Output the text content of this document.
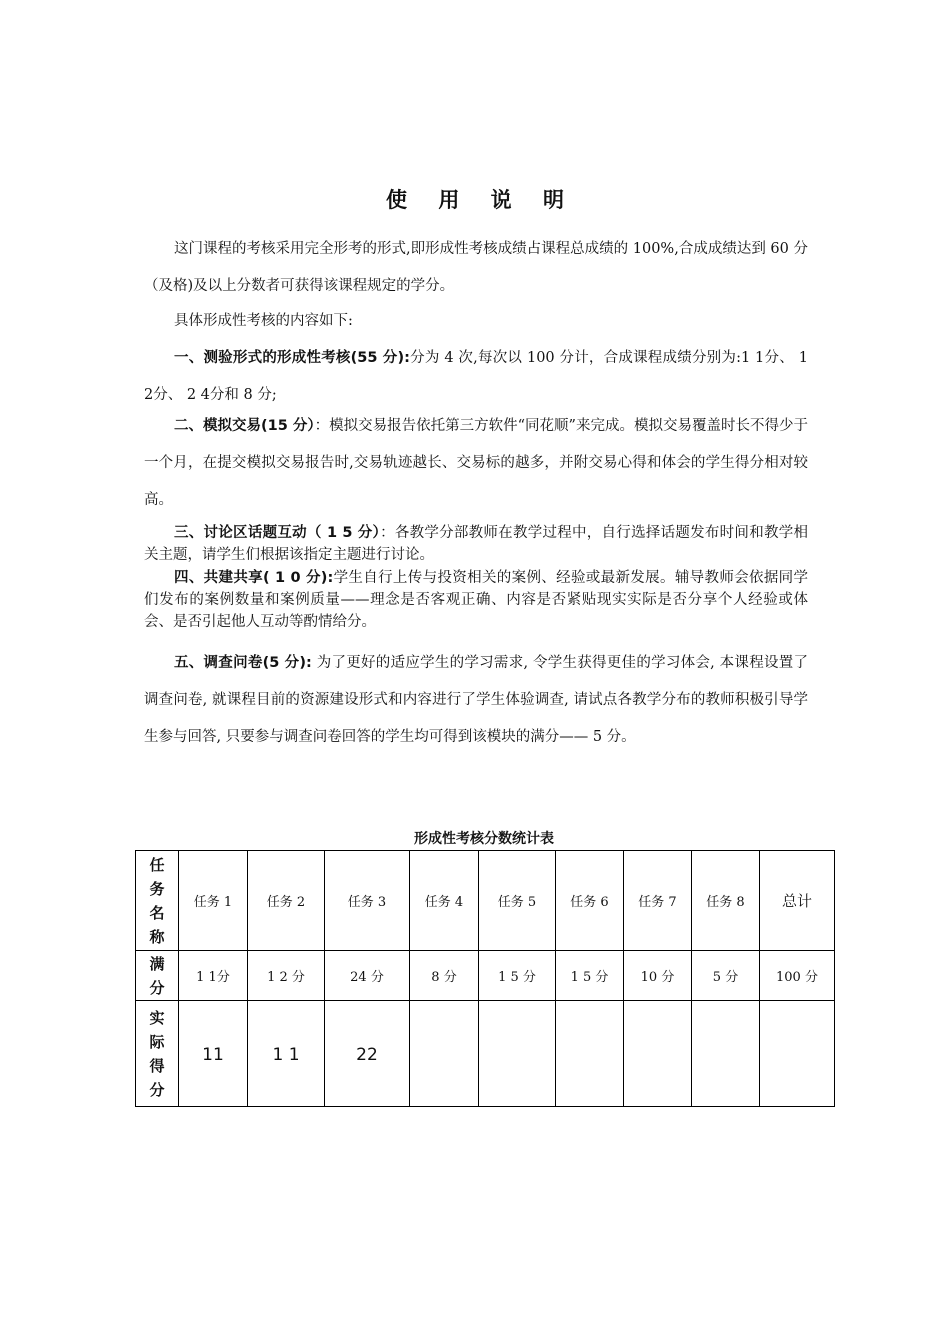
使 用 说 明

这门课程的考核采用完全形考的形式,即形成性考核成绩占课程总成绩的 100%,合成成绩达到 60 分（及格)及以上分数者可获得该课程规定的学分。

具体形成性考核的内容如下:

一、测验形式的形成性考核(55 分):分为 4 次,每次以 100 分计，合成课程成绩分别为:1 1分、 1 2分、 2 4分和 8 分;

二、模拟交易(15 分）：模拟交易报告依托第三方软件“同花顺”来完成。模拟交易覆盖时长不得少于一个月，在提交模拟交易报告时,交易轨迹越长、交易标的越多，并附交易心得和体会的学生得分相对较高。

三、讨论区话题互动（ 1 5 分）：各教学分部教师在教学过程中，自行选择话题发布时间和教学相关主题，请学生们根据该指定主题进行讨论。

四、共建共享( 1 0 分):学生自行上传与投资相关的案例、经验或最新发展。辅导教师会依据同学们发布的案例数量和案例质量——理念是否客观正确、内容是否紧贴现实实际是否分享个人经验或体会、是否引起他人互动等酌情给分。

五、调查问卷(5 分): 为了更好的适应学生的学习需求, 令学生获得更佳的学习体会, 本课程设置了调查问卷, 就课程目前的资源建设形式和内容进行了学生体验调查, 请试点各教学分布的教师积极引导学生参与回答, 只要参与调查问卷回答的学生均可得到该模块的满分—— 5 分。

形成性考核分数统计表
任
务
名
称	任务 1	任务 2	任务 3	任务 4	任务 5	任务 6	任务 7	任务 8	总计

满
分	1 1分	1 2 分	24 分	8 分	1 5 分	1 5 分	10 分	5 分	100 分

实
际
得
分	11	1 1	22						
